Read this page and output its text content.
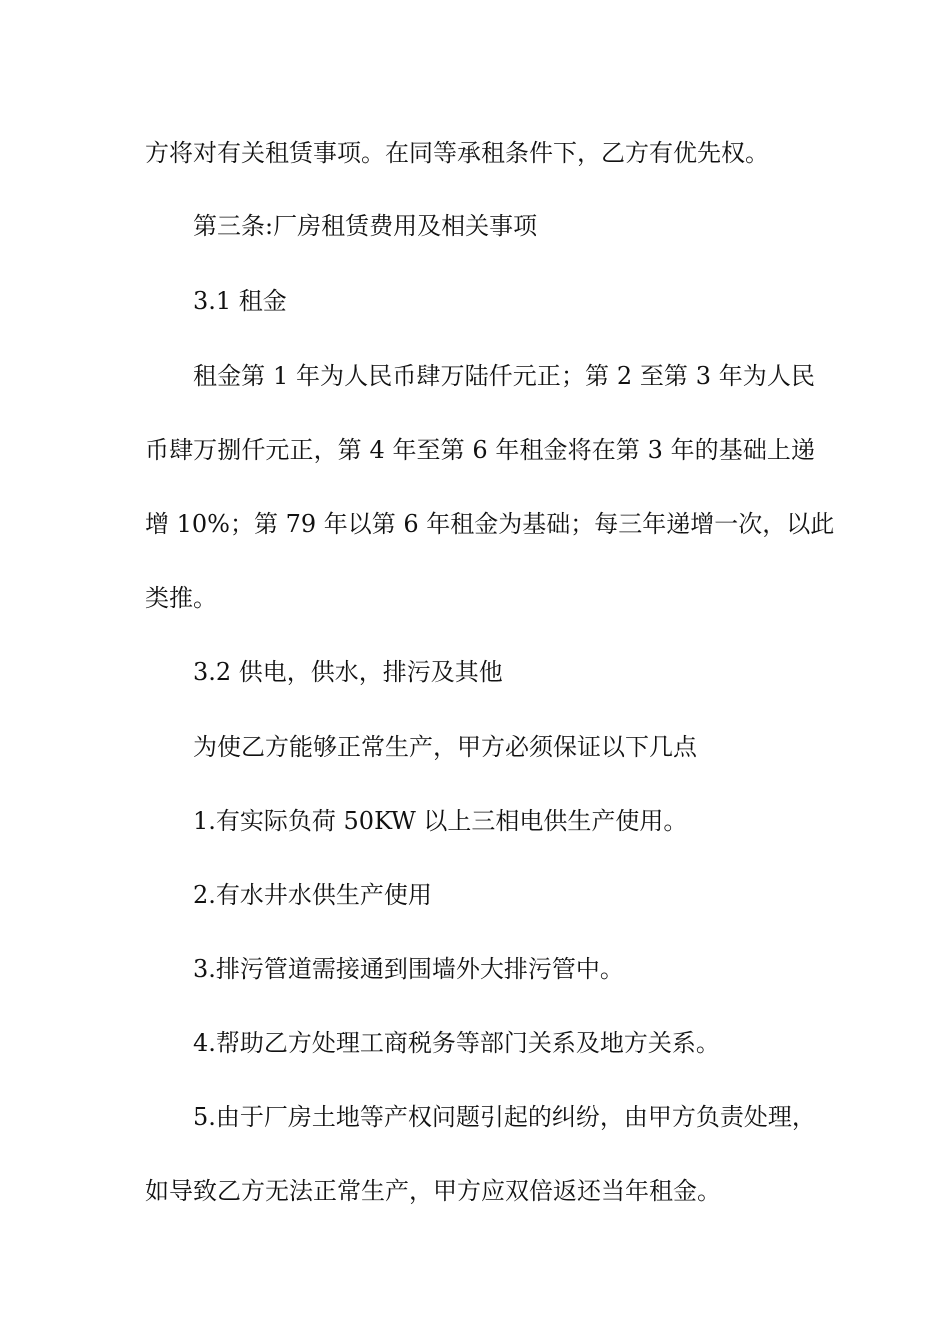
方将对有关租赁事项。在同等承租条件下，乙方有优先权。
第三条:厂房租赁费用及相关事项
3.1 租金
租金第 1 年为人民币肆万陆仟元正；第 2 至第 3 年为人民
币肆万捌仟元正，第 4 年至第 6 年租金将在第 3 年的基础上递
增 10%；第 79 年以第 6 年租金为基础；每三年递增一次，以此
类推。
3.2 供电，供水，排污及其他
为使乙方能够正常生产，甲方必须保证以下几点
1.有实际负荷 50KW 以上三相电供生产使用。
2.有水井水供生产使用
3.排污管道需接通到围墙外大排污管中。
4.帮助乙方处理工商税务等部门关系及地方关系。
5.由于厂房土地等产权问题引起的纠纷，由甲方负责处理，
如导致乙方无法正常生产，甲方应双倍返还当年租金。
